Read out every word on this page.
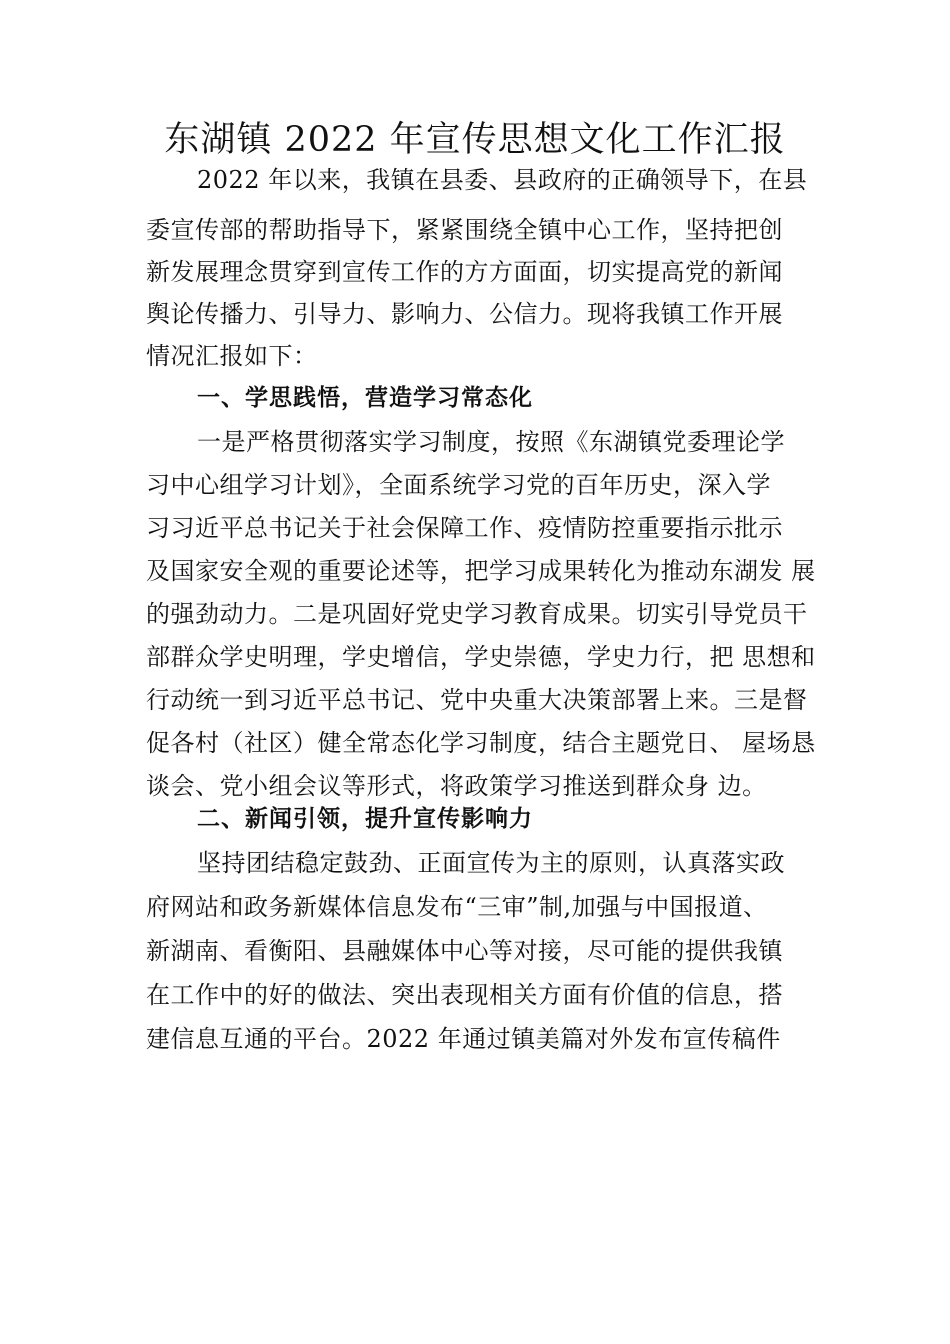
东湖镇 2022 年宣传思想文化工作汇报
2022 年以来，我镇在县委、县政府的正确领导下，在县
委宣传部的帮助指导下，紧紧围绕全镇中心工作，坚持把创
新发展理念贯穿到宣传工作的方方面面，切实提高党的新闻
舆论传播力、引导力、影响力、公信力。现将我镇工作开展
情况汇报如下：
一、学思践悟，营造学习常态化
一是严格贯彻落实学习制度，按照《东湖镇党委理论学
习中心组学习计划》，全面系统学习党的百年历史，深入学
习习近平总书记关于社会保障工作、疫情防控重要指示批示
及国家安全观的重要论述等，把学习成果转化为推动东湖发 展
的强劲动力。二是巩固好党史学习教育成果。切实引导党员干
部群众学史明理，学史增信，学史崇德，学史力行，把 思想和
行动统一到习近平总书记、党中央重大决策部署上来。三是督
促各村（社区）健全常态化学习制度，结合主题党日、 屋场恳
谈会、党小组会议等形式，将政策学习推送到群众身 边。
二、新闻引领，提升宣传影响力
坚持团结稳定鼓劲、正面宣传为主的原则，认真落实政
府网站和政务新媒体信息发布“三审”制,加强与中国报道、
新湖南、看衡阳、县融媒体中心等对接，尽可能的提供我镇
在工作中的好的做法、突出表现相关方面有价值的信息，搭
建信息互通的平台。2022 年通过镇美篇对外发布宣传稿件
